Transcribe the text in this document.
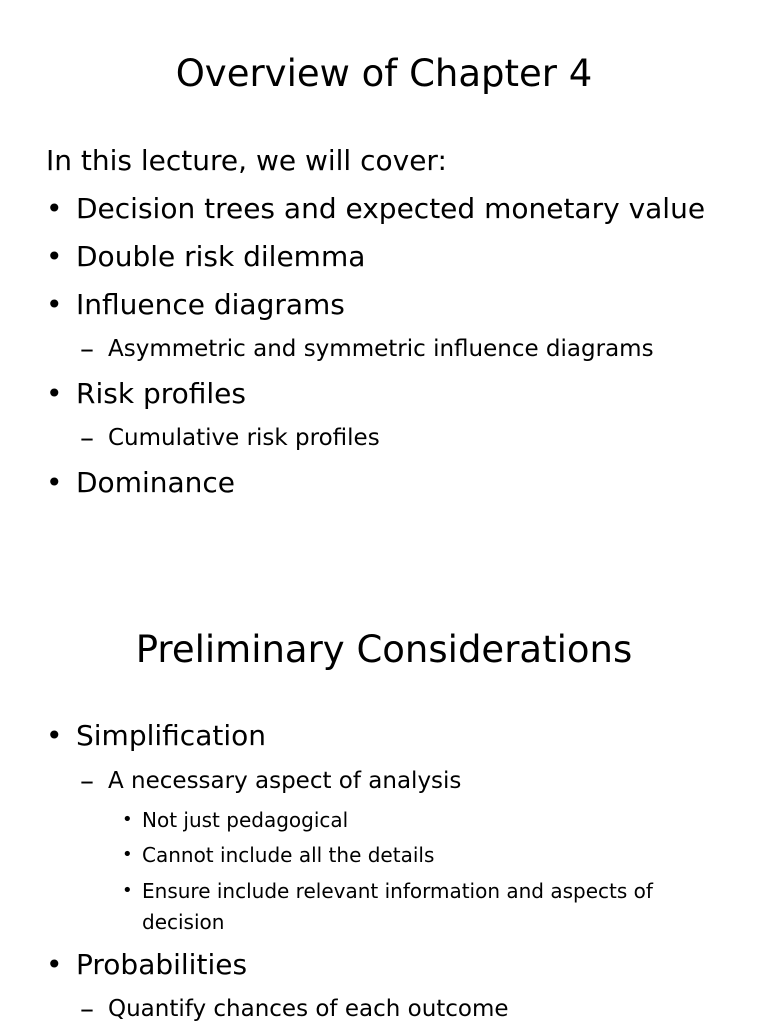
Overview of Chapter 4

In this lecture, we will cover:

• Decision trees and expected monetary value

• Double risk dilemma

• Influence diagrams

– Asymmetric and symmetric influence diagrams

• Risk profiles

– Cumulative risk profiles

• Dominance

Preliminary Considerations

• Simplification

– A necessary aspect of analysis

• Not just pedagogical

• Cannot include all the details

• Ensure include relevant information and aspects of

decision

• Probabilities

– Quantify chances of each outcome
